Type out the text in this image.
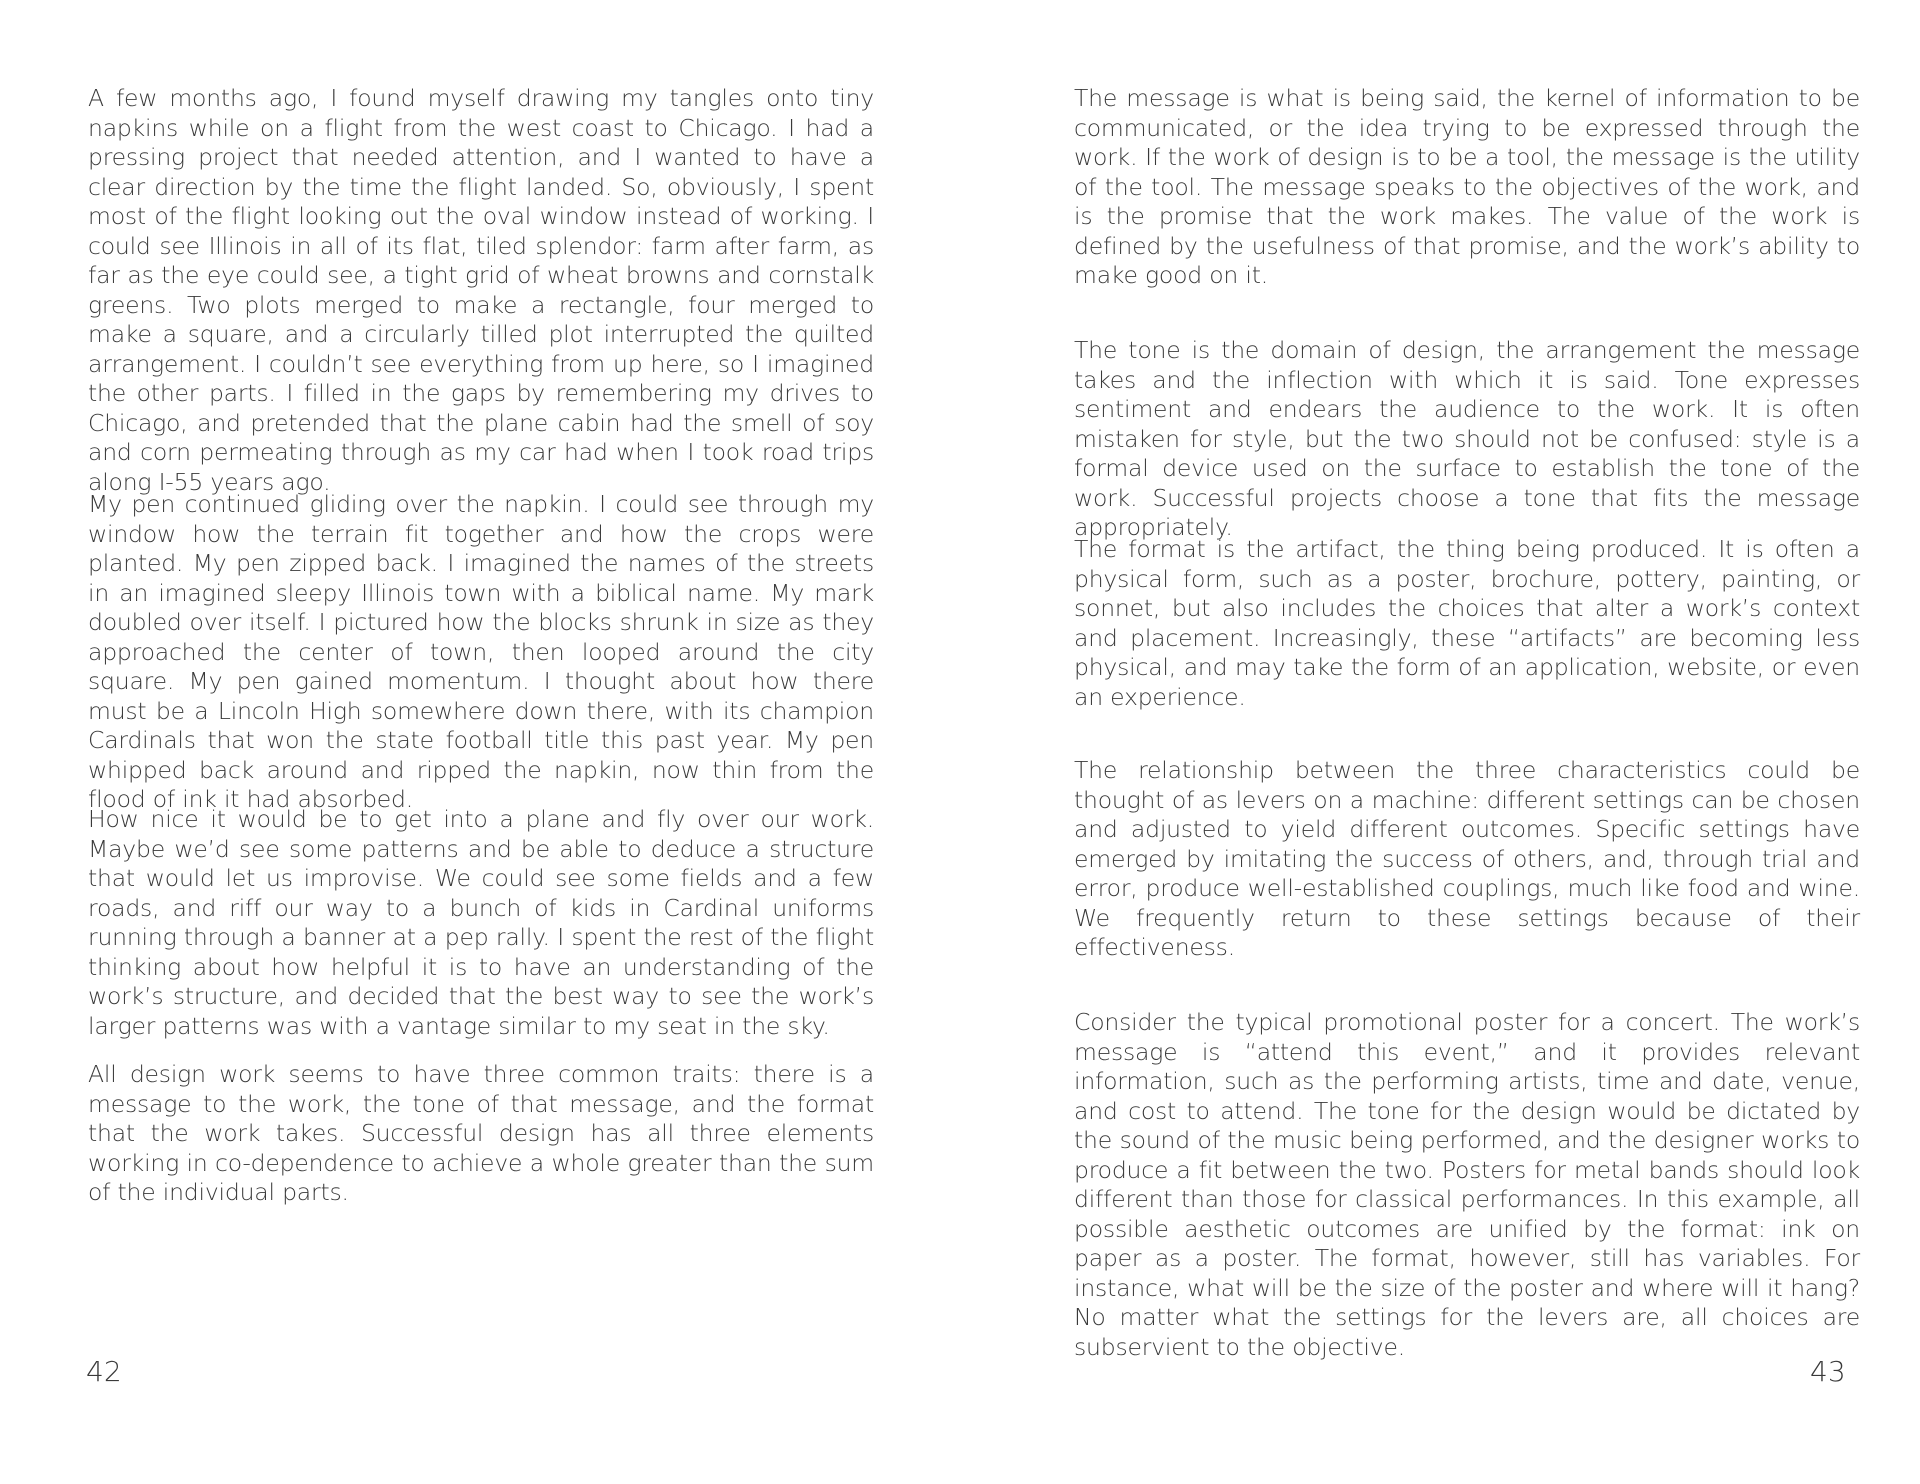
A few months ago, I found myself drawing my tangles onto tiny napkins while on a flight from the west coast to Chicago. I had a pressing project that needed attention, and I wanted to have a clear direction by the time the flight landed. So, obviously, I spent most of the flight looking out the oval window instead of working. I could see Illinois in all of its flat, tiled splendor: farm after farm, as far as the eye could see, a tight grid of wheat browns and cornstalk greens. Two plots merged to make a rectangle, four merged to make a square, and a circularly tilled plot interrupted the quilted arrangement. I couldn’t see everything from up here, so I imagined the other parts. I filled in the gaps by remembering my drives to Chicago, and pretended that the plane cabin had the smell of soy and corn permeating through as my car had when I took road trips along I-55 years ago.

My pen continued gliding over the napkin. I could see through my window how the terrain fit together and how the crops were planted. My pen zipped back. I imagined the names of the streets in an imagined sleepy Illinois town with a biblical name. My mark doubled over itself. I pictured how the blocks shrunk in size as they approached the center of town, then looped around the city square. My pen gained momentum. I thought about how there must be a Lincoln High somewhere down there, with its champion Cardinals that won the state football title this past year. My pen whipped back around and ripped the napkin, now thin from the flood of ink it had absorbed.

How nice it would be to get into a plane and fly over our work. Maybe we’d see some patterns and be able to deduce a structure that would let us improvise. We could see some fields and a few roads, and riff our way to a bunch of kids in Cardinal uniforms running through a banner at a pep rally. I spent the rest of the flight thinking about how helpful it is to have an understanding of the work’s structure, and decided that the best way to see the work’s larger patterns was with a vantage similar to my seat in the sky.

All design work seems to have three common traits: there is a message to the work, the tone of that message, and the format that the work takes. Successful design has all three elements working in co-dependence to achieve a whole greater than the sum of the individual parts.

42

The message is what is being said, the kernel of information to be communicated, or the idea trying to be expressed through the work. If the work of design is to be a tool, the message is the utility of the tool. The message speaks to the objectives of the work, and is the promise that the work makes. The value of the work is defined by the usefulness of that promise, and the work’s ability to make good on it.

The tone is the domain of design, the arrangement the message takes and the inflection with which it is said. Tone expresses sentiment and endears the audience to the work. It is often mistaken for style, but the two should not be confused: style is a formal device used on the surface to establish the tone of the work. Successful projects choose a tone that fits the message appropriately.

The format is the artifact, the thing being produced. It is often a physical form, such as a poster, brochure, pottery, painting, or sonnet, but also includes the choices that alter a work’s context and placement. Increasingly, these “artifacts” are becoming less physical, and may take the form of an application, website, or even an experience.

The relationship between the three characteristics could be thought of as levers on a machine: different settings can be chosen and adjusted to yield different outcomes. Specific settings have emerged by imitating the success of others, and, through trial and error, produce well-established couplings, much like food and wine. We frequently return to these settings because of their effectiveness.

Consider the typical promotional poster for a concert. The work’s message is “attend this event,” and it provides relevant information, such as the performing artists, time and date, venue, and cost to attend. The tone for the design would be dictated by the sound of the music being performed, and the designer works to produce a fit between the two. Posters for metal bands should look different than those for classical performances. In this example, all possible aesthetic outcomes are unified by the format: ink on paper as a poster. The format, however, still has variables. For instance, what will be the size of the poster and where will it hang? No matter what the settings for the levers are, all choices are subservient to the objective.

43
